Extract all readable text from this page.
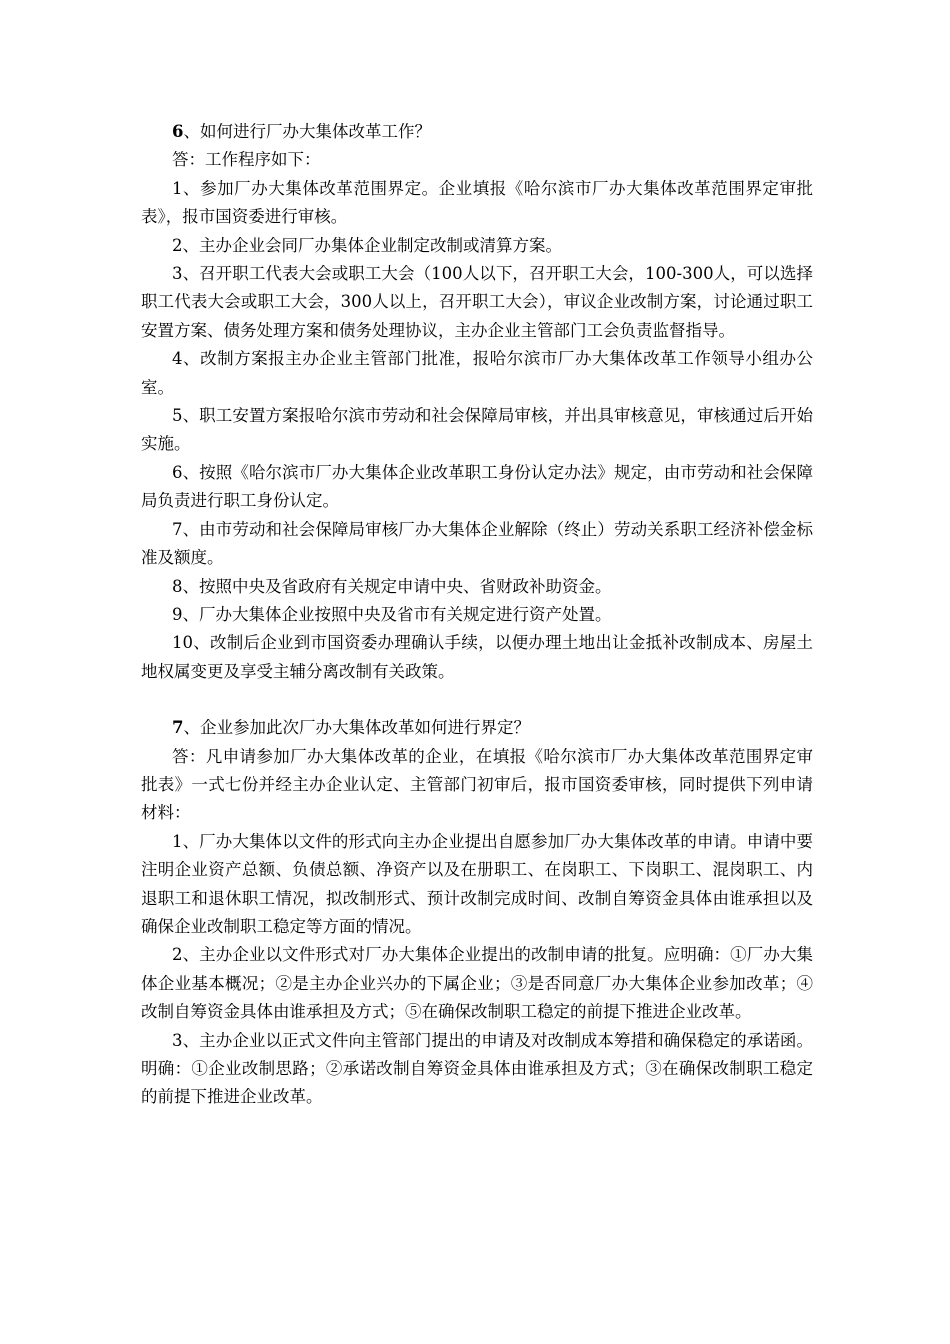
6、如何进行厂办大集体改革工作？

答：工作程序如下：

1、参加厂办大集体改革范围界定。企业填报《哈尔滨市厂办大集体改革范围界定审批表》，报市国资委进行审核。

2、主办企业会同厂办集体企业制定改制或清算方案。

3、召开职工代表大会或职工大会（100人以下，召开职工大会，100-300人，可以选择职工代表大会或职工大会，300人以上，召开职工大会），审议企业改制方案，讨论通过职工安置方案、债务处理方案和债务处理协议，主办企业主管部门工会负责监督指导。

4、改制方案报主办企业主管部门批准，报哈尔滨市厂办大集体改革工作领导小组办公室。

5、职工安置方案报哈尔滨市劳动和社会保障局审核，并出具审核意见，审核通过后开始实施。

6、按照《哈尔滨市厂办大集体企业改革职工身份认定办法》规定，由市劳动和社会保障局负责进行职工身份认定。

7、由市劳动和社会保障局审核厂办大集体企业解除（终止）劳动关系职工经济补偿金标准及额度。

8、按照中央及省政府有关规定申请中央、省财政补助资金。

9、厂办大集体企业按照中央及省市有关规定进行资产处置。

10、改制后企业到市国资委办理确认手续，以便办理土地出让金抵补改制成本、房屋土地权属变更及享受主辅分离改制有关政策。

7、企业参加此次厂办大集体改革如何进行界定？

答：凡申请参加厂办大集体改革的企业，在填报《哈尔滨市厂办大集体改革范围界定审批表》一式七份并经主办企业认定、主管部门初审后，报市国资委审核，同时提供下列申请材料：

1、厂办大集体以文件的形式向主办企业提出自愿参加厂办大集体改革的申请。申请中要注明企业资产总额、负债总额、净资产以及在册职工、在岗职工、下岗职工、混岗职工、内退职工和退休职工情况，拟改制形式、预计改制完成时间、改制自筹资金具体由谁承担以及确保企业改制职工稳定等方面的情况。

2、主办企业以文件形式对厂办大集体企业提出的改制申请的批复。应明确：①厂办大集体企业基本概况；②是主办企业兴办的下属企业；③是否同意厂办大集体企业参加改革；④改制自筹资金具体由谁承担及方式；⑤在确保改制职工稳定的前提下推进企业改革。

3、主办企业以正式文件向主管部门提出的申请及对改制成本筹措和确保稳定的承诺函。明确：①企业改制思路；②承诺改制自筹资金具体由谁承担及方式；③在确保改制职工稳定的前提下推进企业改革。
